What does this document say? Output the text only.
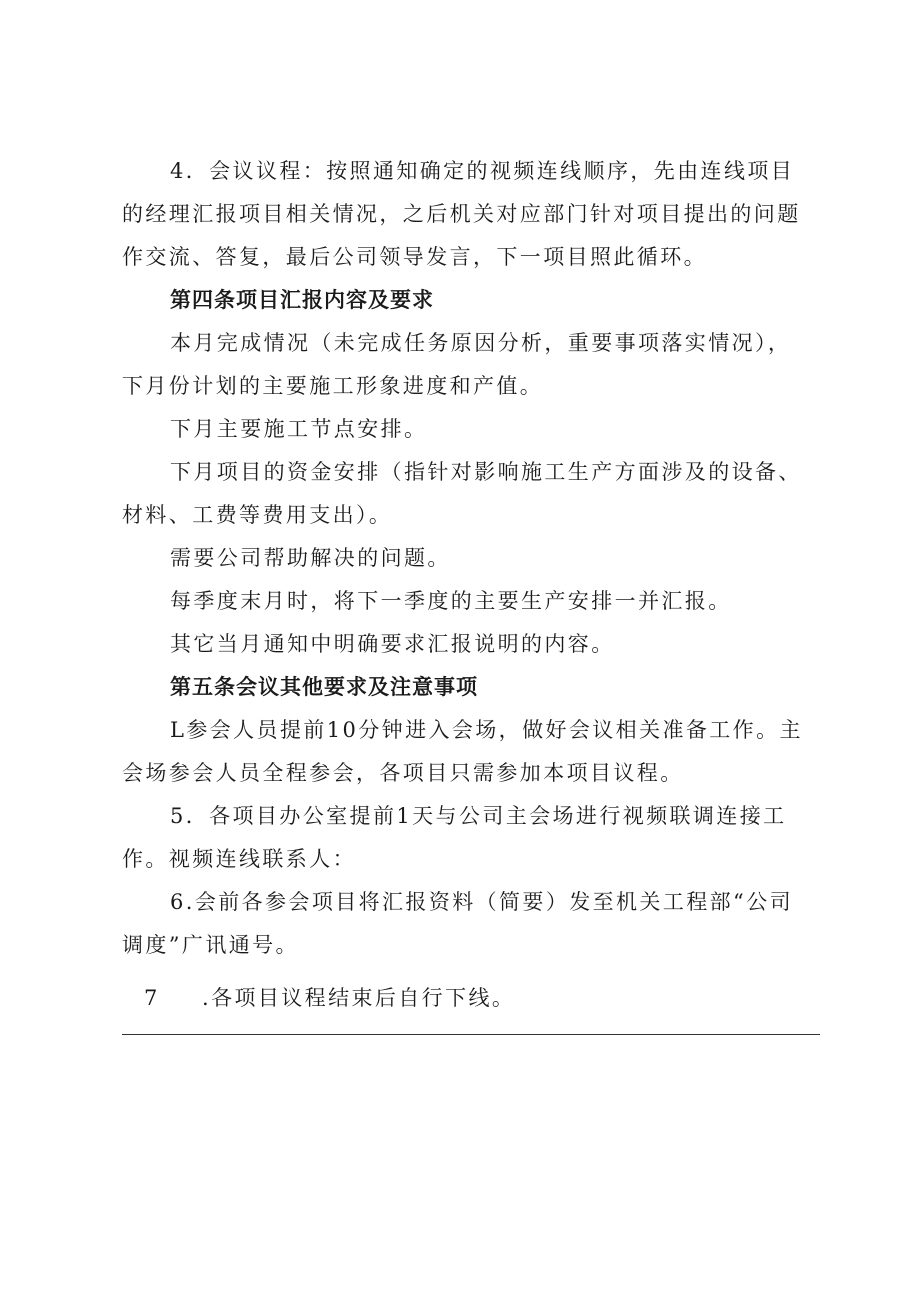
4．会议议程：按照通知确定的视频连线顺序，先由连线项目的经理汇报项目相关情况，之后机关对应部门针对项目提出的问题作交流、答复，最后公司领导发言，下一项目照此循环。

第四条项目汇报内容及要求

本月完成情况（未完成任务原因分析，重要事项落实情况），下月份计划的主要施工形象进度和产值。

下月主要施工节点安排。

下月项目的资金安排（指针对影响施工生产方面涉及的设备、材料、工费等费用支出）。

需要公司帮助解决的问题。

每季度末月时，将下一季度的主要生产安排一并汇报。

其它当月通知中明确要求汇报说明的内容。

第五条会议其他要求及注意事项

L参会人员提前10分钟进入会场，做好会议相关准备工作。主会场参会人员全程参会，各项目只需参加本项目议程。

5．各项目办公室提前1天与公司主会场进行视频联调连接工作。视频连线联系人：

6.会前各参会项目将汇报资料（简要）发至机关工程部“公司调度”广讯通号。

7 .各项目议程结束后自行下线。
